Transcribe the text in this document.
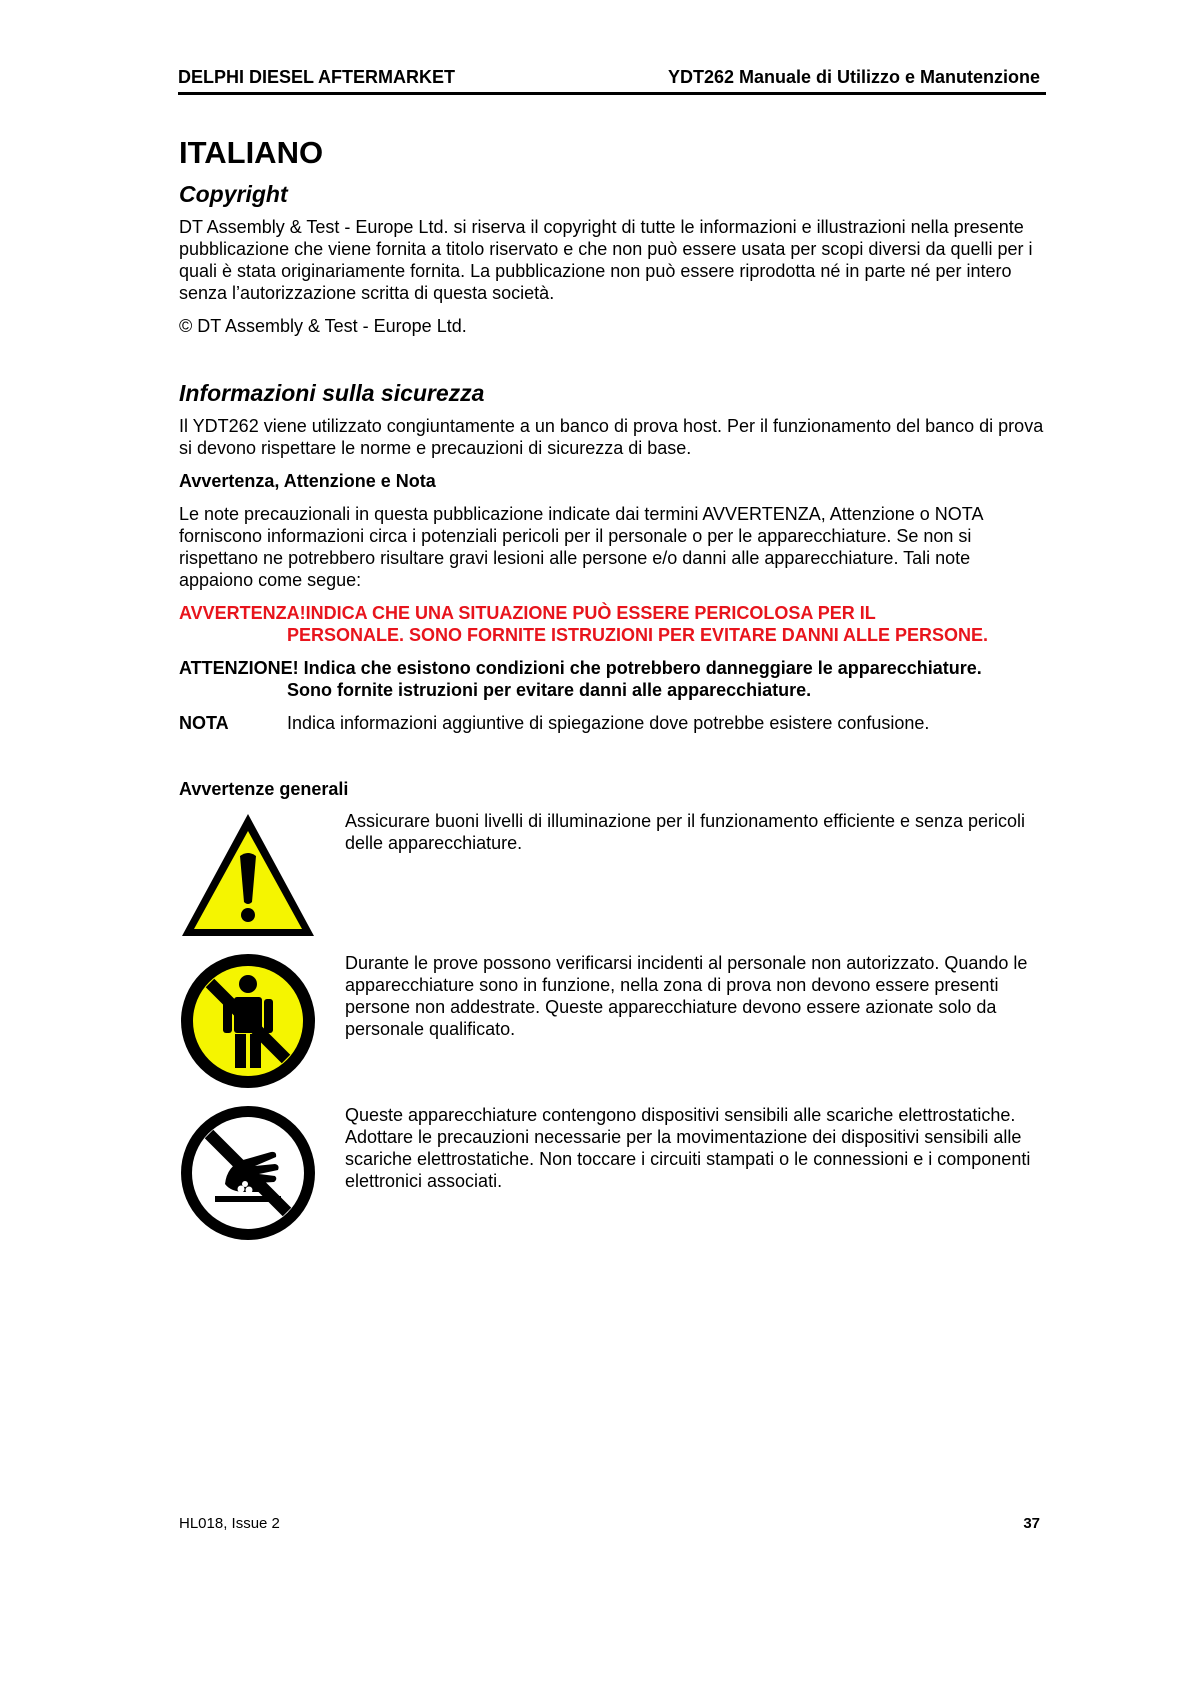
DELPHI DIESEL AFTERMARKET	YDT262 Manuale di Utilizzo e Manutenzione
ITALIANO
Copyright

DT Assembly & Test - Europe Ltd. si riserva il copyright di tutte le informazioni e illustrazioni nella presente pubblicazione che viene fornita a titolo riservato e che non può essere usata per scopi diversi da quelli per i quali è stata originariamente fornita. La pubblicazione non può essere riprodotta né in parte né per intero senza l’autorizzazione scritta di questa società.

© DT Assembly & Test - Europe Ltd.

Informazioni sulla sicurezza

Il YDT262 viene utilizzato congiuntamente a un banco di prova host. Per il funzionamento del banco di prova si devono rispettare le norme e precauzioni di sicurezza di base.

Avvertenza, Attenzione e Nota

Le note precauzionali in questa pubblicazione indicate dai termini AVVERTENZA, Attenzione o NOTA forniscono informazioni circa i potenziali pericoli per il personale o per le apparecchiature. Se non si rispettano ne potrebbero risultare gravi lesioni alle persone e/o danni alle apparecchiature. Tali note appaiono come segue:

AVVERTENZA!INDICA CHE UNA SITUAZIONE PUÒ ESSERE PERICOLOSA PER IL
PERSONALE. SONO FORNITE ISTRUZIONI PER EVITARE DANNI ALLE PERSONE.
ATTENZIONE! Indica che esistono condizioni che potrebbero danneggiare le apparecchiature.
Sono fornite istruzioni per evitare danni alle apparecchiature.
NOTA	Indica informazioni aggiuntive di spiegazione dove potrebbe esistere confusione.

Avvertenze generali

Assicurare buoni livelli di illuminazione per il funzionamento efficiente e senza pericoli delle apparecchiature.

Durante le prove possono verificarsi incidenti al personale non autorizzato. Quando le apparecchiature sono in funzione, nella zona di prova non devono essere presenti persone non addestrate. Queste apparecchiature devono essere azionate solo da personale qualificato.

Queste apparecchiature contengono dispositivi sensibili alle scariche elettrostatiche. Adottare le precauzioni necessarie per la movimentazione dei dispositivi sensibili alle scariche elettrostatiche. Non toccare i circuiti stampati o le connessioni e i componenti elettronici associati.

HL018, Issue 2	37
